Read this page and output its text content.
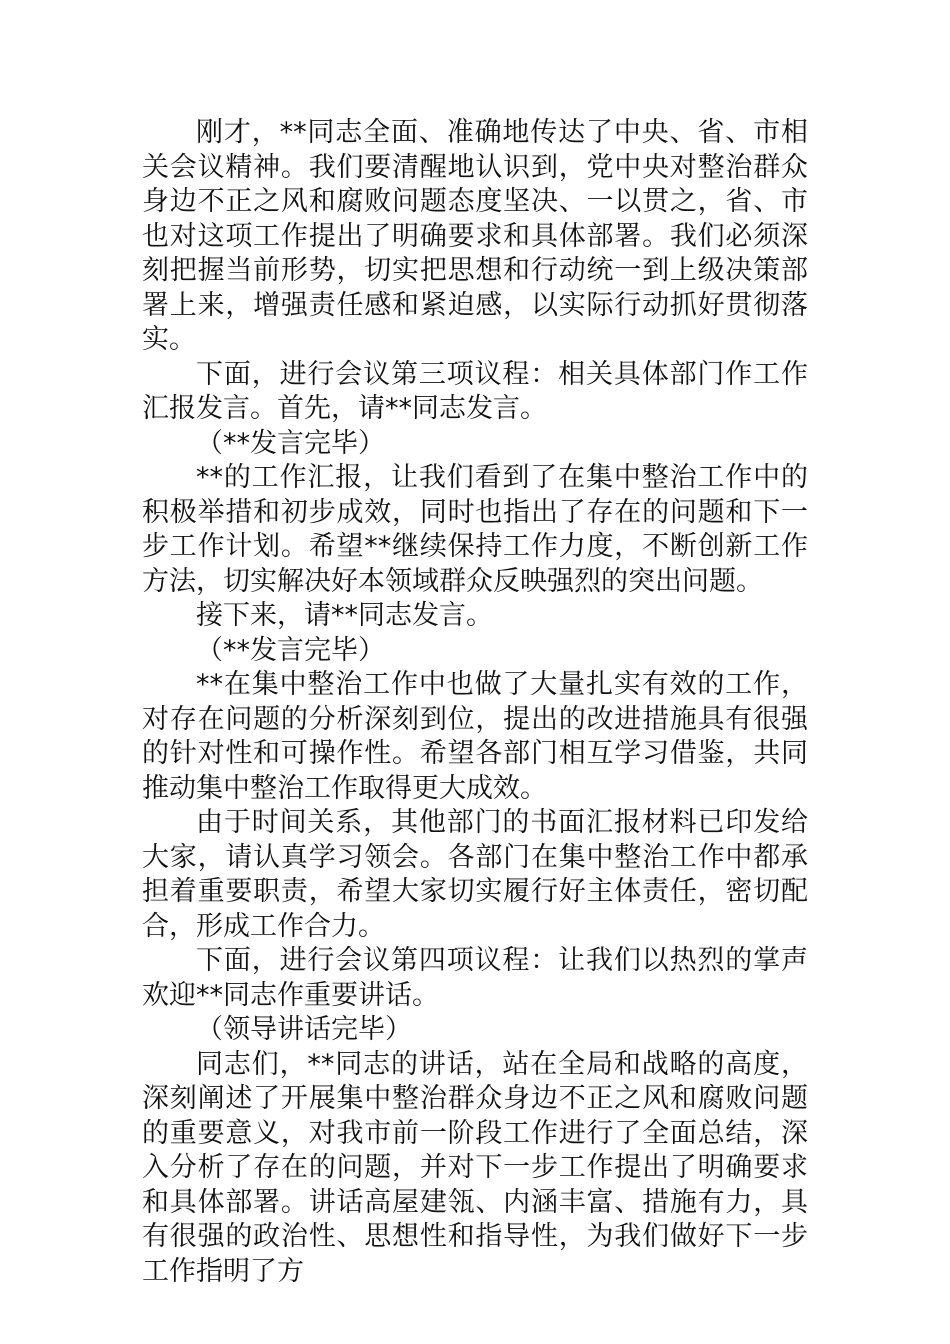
刚才，**同志全面、准确地传达了中央、省、市相关会议精神。我们要清醒地认识到，党中央对整治群众身边不正之风和腐败问题态度坚决、一以贯之，省、市也对这项工作提出了明确要求和具体部署。我们必须深刻把握当前形势，切实把思想和行动统一到上级决策部署上来，增强责任感和紧迫感，以实际行动抓好贯彻落实。

下面，进行会议第三项议程：相关具体部门作工作汇报发言。首先，请**同志发言。

（**发言完毕）

**的工作汇报，让我们看到了在集中整治工作中的积极举措和初步成效，同时也指出了存在的问题和下一步工作计划。希望**继续保持工作力度，不断创新工作方法，切实解决好本领域群众反映强烈的突出问题。

接下来，请**同志发言。

（**发言完毕）

**在集中整治工作中也做了大量扎实有效的工作，对存在问题的分析深刻到位，提出的改进措施具有很强的针对性和可操作性。希望各部门相互学习借鉴，共同推动集中整治工作取得更大成效。

由于时间关系，其他部门的书面汇报材料已印发给大家，请认真学习领会。各部门在集中整治工作中都承担着重要职责，希望大家切实履行好主体责任，密切配合，形成工作合力。

下面，进行会议第四项议程：让我们以热烈的掌声欢迎**同志作重要讲话。

（领导讲话完毕）

同志们，**同志的讲话，站在全局和战略的高度，深刻阐述了开展集中整治群众身边不正之风和腐败问题的重要意义，对我市前一阶段工作进行了全面总结，深入分析了存在的问题，并对下一步工作提出了明确要求和具体部署。讲话高屋建瓴、内涵丰富、措施有力，具有很强的政治性、思想性和指导性，为我们做好下一步工作指明了方
